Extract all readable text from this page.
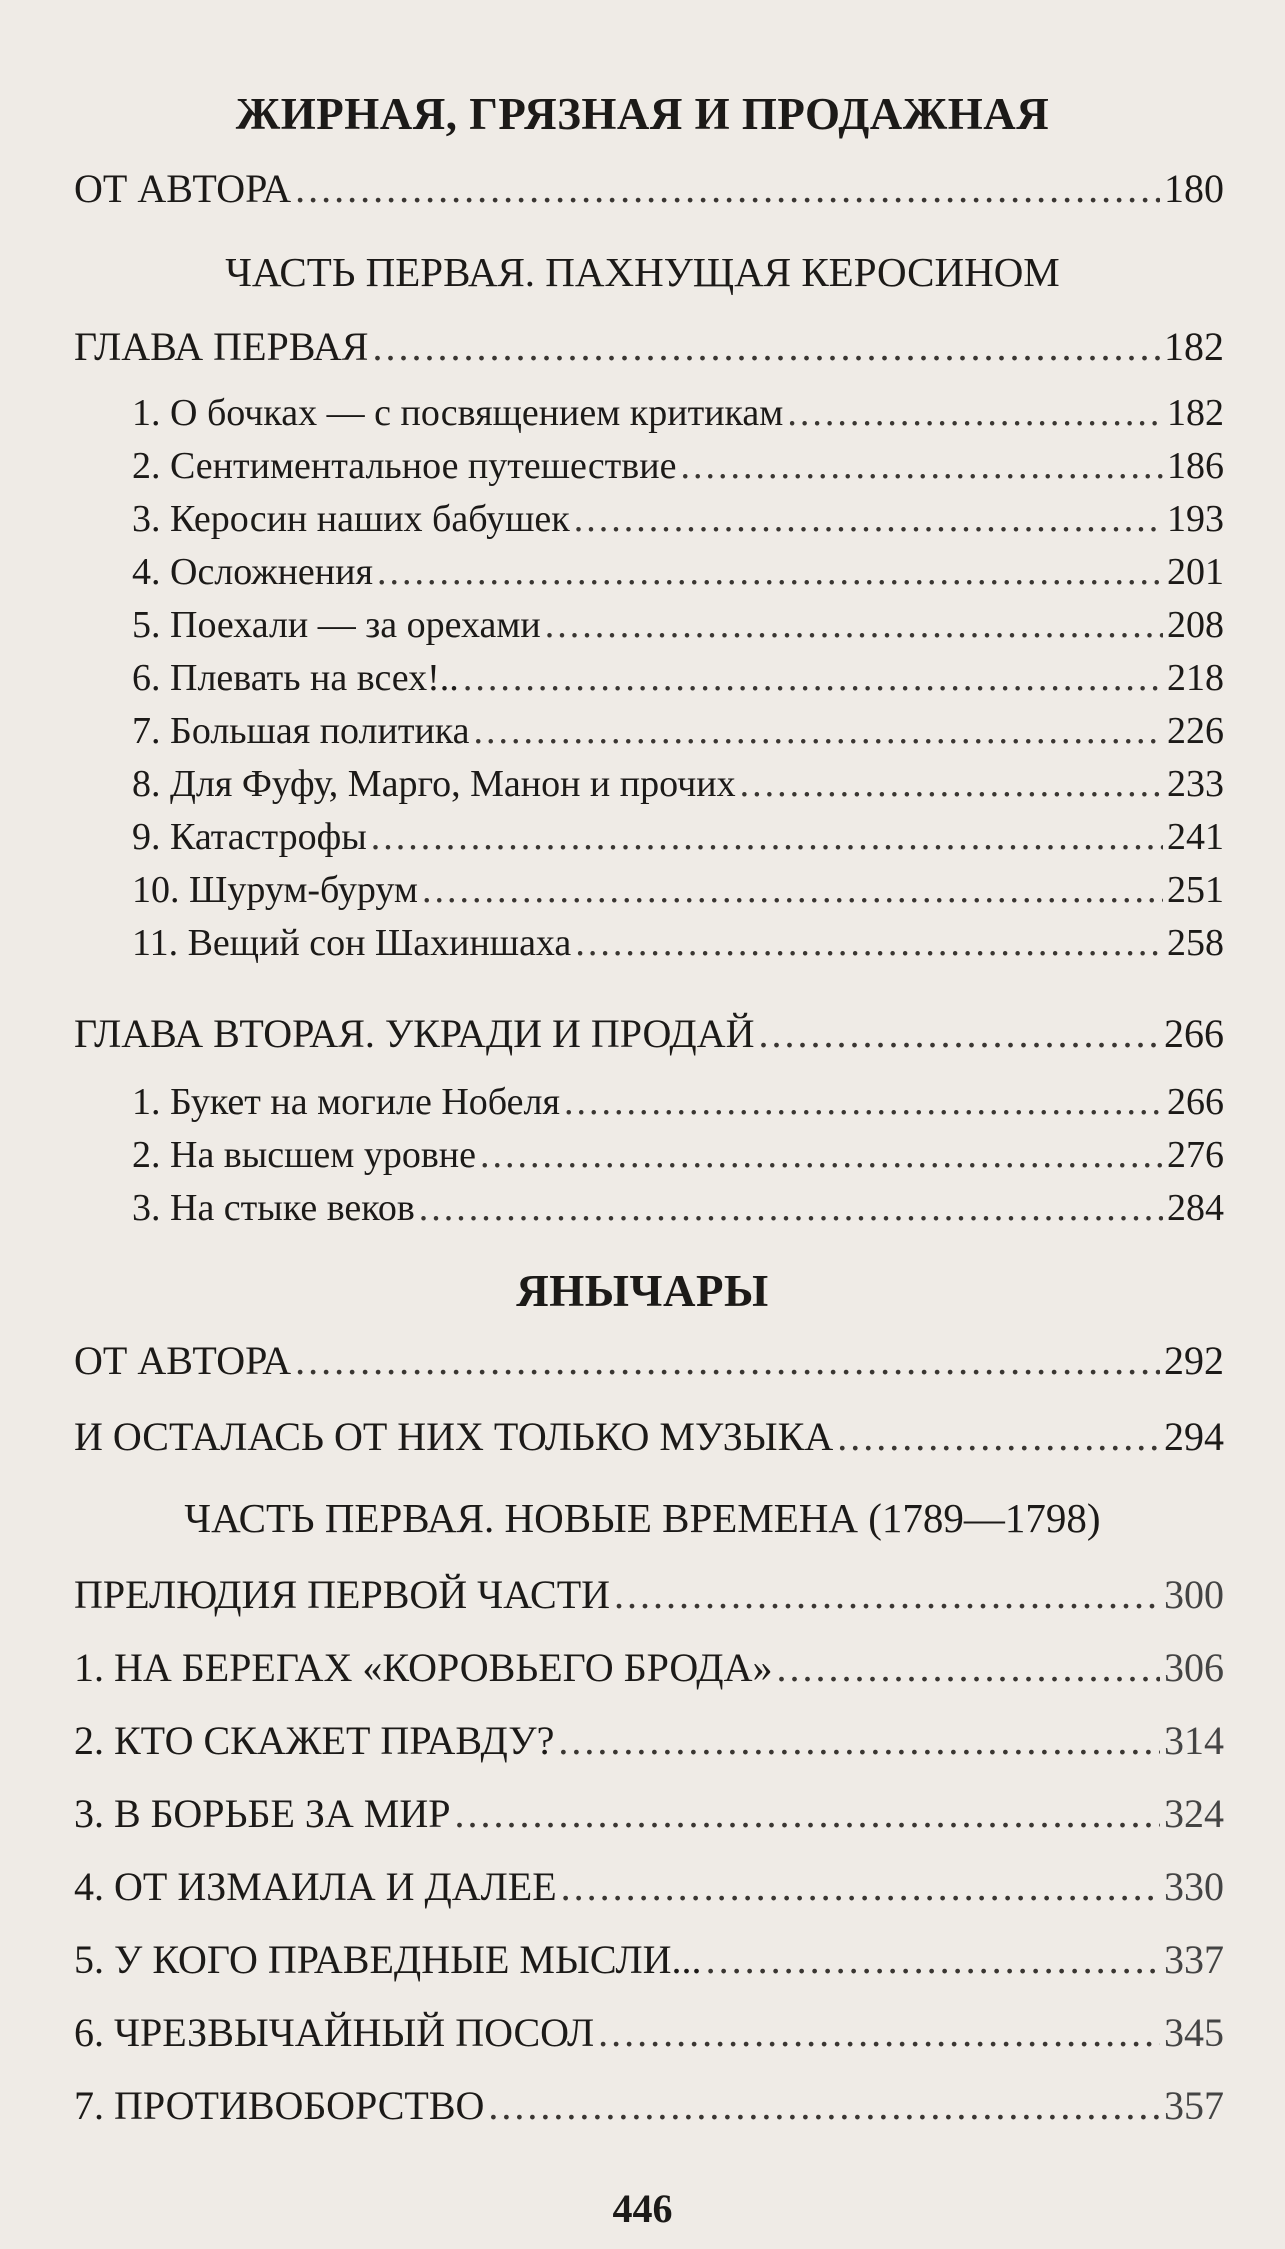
ЖИРНАЯ, ГРЯЗНАЯ И ПРОДАЖНАЯ
ОТ АВТОРА .....	180
ЧАСТЬ ПЕРВАЯ. ПАХНУЩАЯ КЕРОСИНОМ
ГЛАВА ПЕРВАЯ .....	182
1. О бочках — с посвящением критикам .....	182
2. Сентиментальное путешествие .....	186
3. Керосин наших бабушек .....	193
4. Осложнения .....	201
5. Поехали — за орехами .....	208
6. Плевать на всех!.. .....	218
7. Большая политика .....	226
8. Для Фуфу, Марго, Манон и прочих .....	233
9. Катастрофы .....	241
10. Шурум-бурум .....	251
11. Вещий сон Шахиншаха .....	258
ГЛАВА ВТОРАЯ. УКРАДИ И ПРОДАЙ .....	266
1. Букет на могиле Нобеля .....	266
2. На высшем уровне .....	276
3. На стыке веков .....	284
ЯНЫЧАРЫ
ОТ АВТОРА .....	292
И ОСТАЛАСЬ ОТ НИХ ТОЛЬКО МУЗЫКА .....	294
ЧАСТЬ ПЕРВАЯ. НОВЫЕ ВРЕМЕНА (1789—1798)
ПРЕЛЮДИЯ ПЕРВОЙ ЧАСТИ .....	300
1. НА БЕРЕГАХ «КОРОВЬЕГО БРОДА» .....	306
2. КТО СКАЖЕТ ПРАВДУ? .....	314
3. В БОРЬБЕ ЗА МИР .....	324
4. ОТ ИЗМАИЛА И ДАЛЕЕ .....	330
5. У КОГО ПРАВЕДНЫЕ МЫСЛИ... .....	337
6. ЧРЕЗВЫЧАЙНЫЙ ПОСОЛ .....	345
7. ПРОТИВОБОРСТВО .....	357
446
